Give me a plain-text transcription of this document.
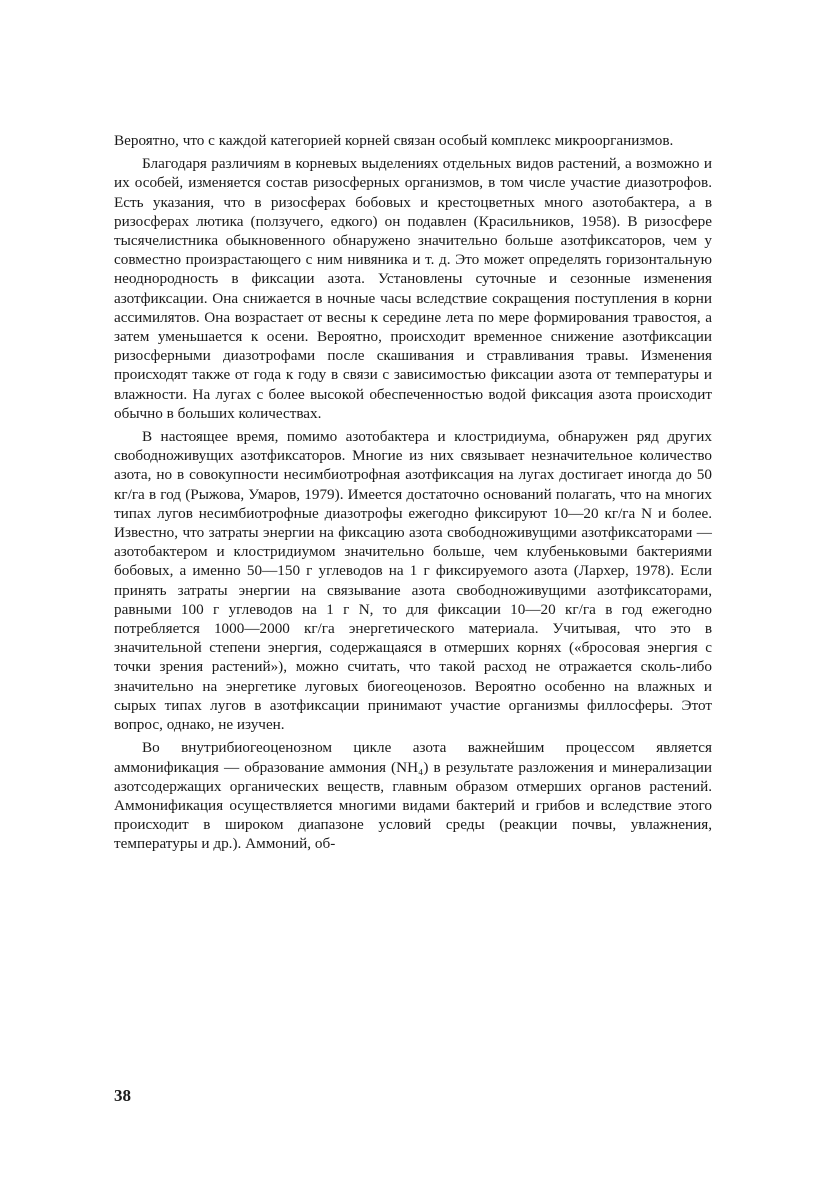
Вероятно, что с каждой категорией корней связан особый комплекс микроорганизмов.

Благодаря различиям в корневых выделениях отдельных видов растений, а возможно и их особей, изменяется состав ризосферных организмов, в том числе участие диазотрофов. Есть указания, что в ризосферах бобовых и крестоцветных много азотобактера, а в ризосферах лютика (ползучего, едкого) он подавлен (Красильников, 1958). В ризосфере тысячелистника обыкновенного обнаружено значительно больше азотфиксаторов, чем у совместно произрастающего с ним нивяника и т. д. Это может определять горизонтальную неоднородность в фиксации азота. Установлены суточные и сезонные изменения азотфиксации. Она снижается в ночные часы вследствие сокращения поступления в корни ассимилятов. Она возрастает от весны к середине лета по мере формирования травостоя, а затем уменьшается к осени. Вероятно, происходит временное снижение азотфиксации ризосферными диазотрофами после скашивания и стравливания травы. Изменения происходят также от года к году в связи с зависимостью фиксации азота от температуры и влажности. На лугах с более высокой обеспеченностью водой фиксация азота происходит обычно в больших количествах.

В настоящее время, помимо азотобактера и клостридиума, обнаружен ряд других свободноживущих азотфиксаторов. Многие из них связывает незначительное количество азота, но в совокупности несимбиотрофная азотфиксация на лугах достигает иногда до 50 кг/га в год (Рыжова, Умаров, 1979). Имеется достаточно оснований полагать, что на многих типах лугов несимбиотрофные диазотрофы ежегодно фиксируют 10—20 кг/га N и более. Известно, что затраты энергии на фиксацию азота свободноживущими азотфиксаторами — азотобактером и клостридиумом значительно больше, чем клубеньковыми бактериями бобовых, а именно 50—150 г углеводов на 1 г фиксируемого азота (Лархер, 1978). Если принять затраты энергии на связывание азота свободноживущими азотфиксаторами, равными 100 г углеводов на 1 г N, то для фиксации 10—20 кг/га в год ежегодно потребляется 1000—2000 кг/га энергетического материала. Учитывая, что это в значительной степени энергия, содержащаяся в отмерших корнях («бросовая энергия с точки зрения растений»), можно считать, что такой расход не отражается сколь-либо значительно на энергетике луговых биогеоценозов. Вероятно особенно на влажных и сырых типах лугов в азотфиксации принимают участие организмы филлосферы. Этот вопрос, однако, не изучен.

Во внутрибиогеоценозном цикле азота важнейшим процессом является аммонификация — образование аммония (NH₄) в результате разложения и минерализации азотсодержащих органических веществ, главным образом отмерших органов растений. Аммонификация осуществляется многими видами бактерий и грибов и вследствие этого происходит в широком диапазоне условий среды (реакции почвы, увлажнения, температуры и др.). Аммоний, об-

38
